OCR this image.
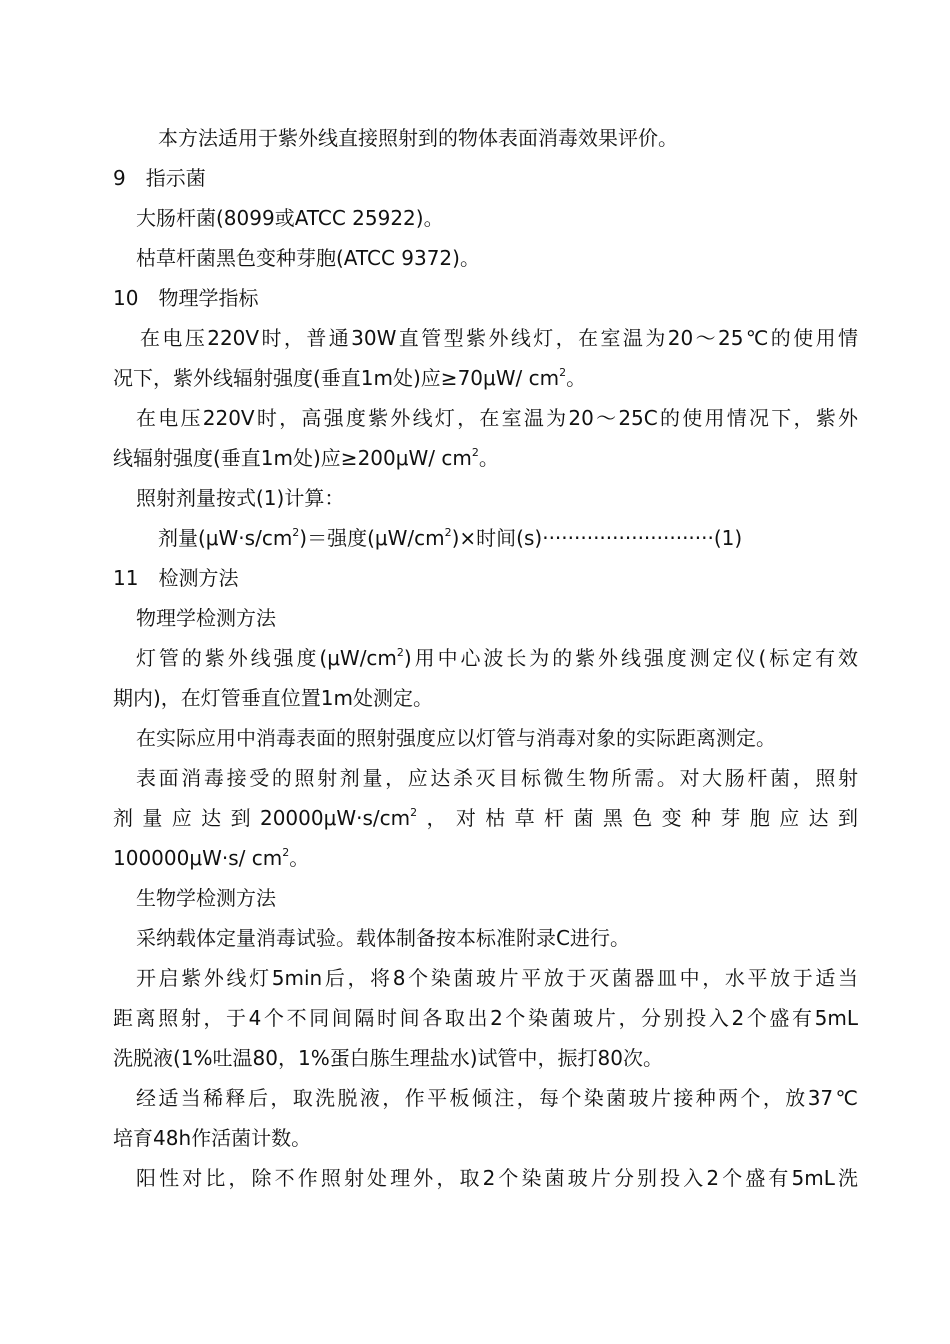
本方法适用于紫外线直接照射到的物体表面消毒效果评价。
9　指示菌
大肠杆菌(8099或ATCC 25922)。
枯草杆菌黑色变种芽胞(ATCC 9372)。
10　物理学指标
在电压220V时，普通30W直管型紫外线灯，在室温为20～25℃的使用情
况下，紫外线辐射强度(垂直1m处)应≥70μW/ $cm^2$。
在电压220V时，高强度紫外线灯，在室温为20～25C的使用情况下，紫外
线辐射强度(垂直1m处)应≥200μW/ $cm^2$。
照射剂量按式(1)计算：
剂量$(\mu W\cdot s/cm^2)=$强度$(\mu W/cm^2)\times$时间(s)···························(1)
11　检测方法
物理学检测方法
灯管的紫外线强度$(\mu W/cm^2)$用中心波长为的紫外线强度测定仪(标定有效
期内)，在灯管垂直位置1m处测定。
在实际应用中消毒表面的照射强度应以灯管与消毒对象的实际距离测定。
表面消毒接受的照射剂量，应达杀灭目标微生物所需。对大肠杆菌，照射
剂量应达到$20000\mu W\cdot s/cm^2$，对枯草杆菌黑色变种芽胞应达到
100000μW·s/ $cm^2$。
生物学检测方法
采纳载体定量消毒试验。载体制备按本标准附录C进行。
开启紫外线灯5min后，将8个染菌玻片平放于灭菌器皿中，水平放于适当
距离照射，于4个不同间隔时间各取出2个染菌玻片，分别投入2个盛有5mL
洗脱液(1%吐温80，1%蛋白胨生理盐水)试管中，振打80次。
经适当稀释后，取洗脱液，作平板倾注，每个染菌玻片接种两个，放37℃
培育48h作活菌计数。
阳性对比，除不作照射处理外，取2个染菌玻片分别投入2个盛有5mL洗
